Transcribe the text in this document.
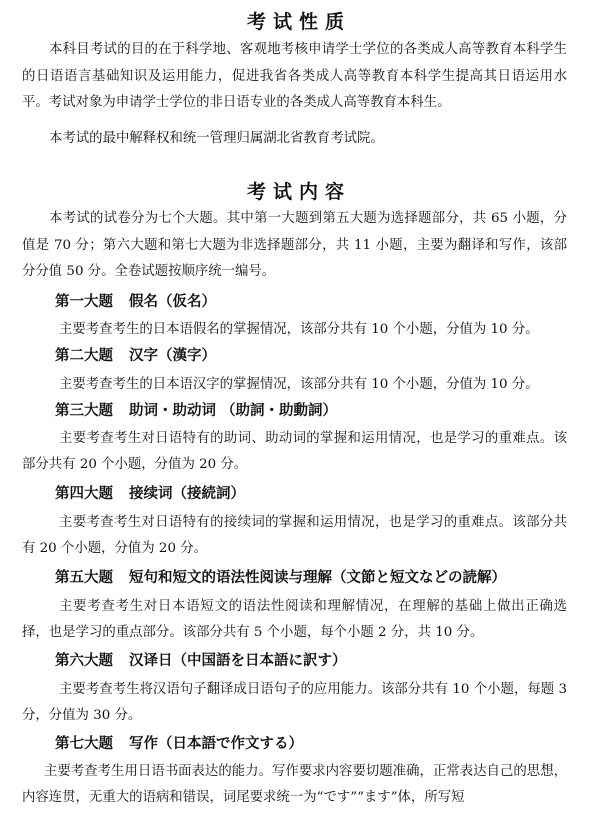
考试性质

本科目考试的目的在于科学地、客观地考核申请学士学位的各类成人高等教育本科学生的日语语言基础知识及运用能力，促进我省各类成人高等教育本科学生提高其日语运用水平。考试对象为申请学士学位的非日语专业的各类成人高等教育本科生。

本考试的最中解释权和统一管理归属湖北省教育考试院。

考试内容

本考试的试卷分为七个大题。其中第一大题到第五大题为选择题部分，共 65 小题，分值是 70 分；第六大题和第七大题为非选择题部分，共 11 小题，主要为翻译和写作，该部分分值 50 分。全卷试题按顺序统一编号。

第一大题 假名（仮名）

主要考查考生的日本语假名的掌握情况，该部分共有 10 个小题，分值为 10 分。

第二大题 汉字（漢字）

主要考查考生的日本语汉字的掌握情况，该部分共有 10 个小题，分值为 10 分。

第三大题 助词・助动词 （助詞・助動詞）

主要考查考生对日语特有的助词、助动词的掌握和运用情况，也是学习的重难点。该部分共有 20 个小题，分值为 20 分。

第四大题 接续词（接続詞）

主要考查考生对日语特有的接续词的掌握和运用情况，也是学习的重难点。该部分共有 20 个小题，分值为 20 分。

第五大题 短句和短文的语法性阅读与理解（文節と短文などの読解）

主要考查考生对日本语短文的语法性阅读和理解情况，在理解的基础上做出正确选择，也是学习的重点部分。该部分共有 5 个小题，每个小题 2 分，共 10 分。

第六大题 汉译日（中国語を日本語に訳す）

主要考查考生将汉语句子翻译成日语句子的应用能力。该部分共有 10 个小题，每题 3 分，分值为 30 分。

第七大题 写作（日本語で作文する）

主要考查考生用日语书面表达的能力。写作要求内容要切题准确，正常表达自己的思想，内容连贯，无重大的语病和错误，词尾要求统一为“です”“ます”体，所写短
